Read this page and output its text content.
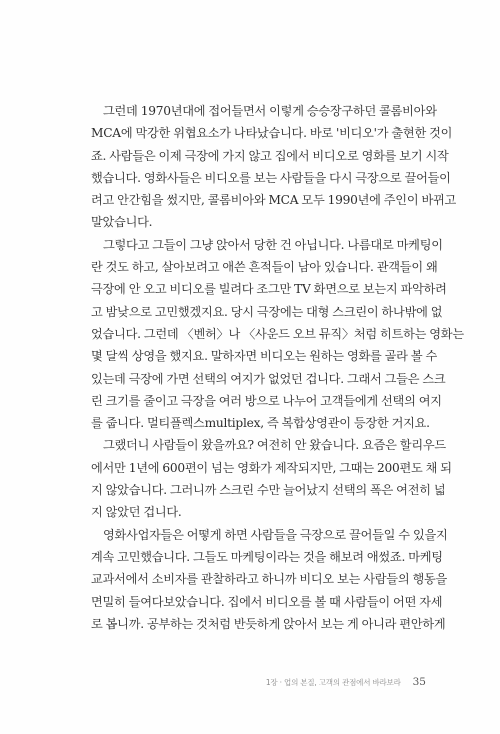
그런데 1970년대에 접어들면서 이렇게 승승장구하던 콜롬비아와
MCA에 막강한 위협요소가 나타났습니다. 바로 '비디오'가 출현한 것이
죠. 사람들은 이제 극장에 가지 않고 집에서 비디오로 영화를 보기 시작
했습니다. 영화사들은 비디오를 보는 사람들을 다시 극장으로 끌어들이
려고 안간힘을 썼지만, 콜롬비아와 MCA 모두 1990년에 주인이 바뀌고
말았습니다.
그렇다고 그들이 그냥 앉아서 당한 건 아닙니다. 나름대로 마케팅이
란 것도 하고, 살아보려고 애쓴 흔적들이 남아 있습니다. 관객들이 왜
극장에 안 오고 비디오를 빌려다 조그만 TV 화면으로 보는지 파악하려
고 밤낮으로 고민했겠지요. 당시 극장에는 대형 스크린이 하나밖에 없
었습니다. 그런데 〈벤허〉나 〈사운드 오브 뮤직〉처럼 히트하는 영화는
몇 달씩 상영을 했지요. 말하자면 비디오는 원하는 영화를 골라 볼 수
있는데 극장에 가면 선택의 여지가 없었던 겁니다. 그래서 그들은 스크
린 크기를 줄이고 극장을 여러 방으로 나누어 고객들에게 선택의 여지
를 줍니다. 멀티플렉스multiplex, 즉 복합상영관이 등장한 거지요.
그랬더니 사람들이 왔을까요? 여전히 안 왔습니다. 요즘은 할리우드
에서만 1년에 600편이 넘는 영화가 제작되지만, 그때는 200편도 채 되
지 않았습니다. 그러니까 스크린 수만 늘어났지 선택의 폭은 여전히 넓
지 않았던 겁니다.
영화사업자들은 어떻게 하면 사람들을 극장으로 끌어들일 수 있을지
계속 고민했습니다. 그들도 마케팅이라는 것을 해보려 애썼죠. 마케팅
교과서에서 소비자를 관찰하라고 하니까 비디오 보는 사람들의 행동을
면밀히 들여다보았습니다. 집에서 비디오를 볼 때 사람들이 어떤 자세
로 봅니까. 공부하는 것처럼 반듯하게 앉아서 보는 게 아니라 편안하게
1장 · 업의 본질, 고객의 관점에서 바라보라 35
